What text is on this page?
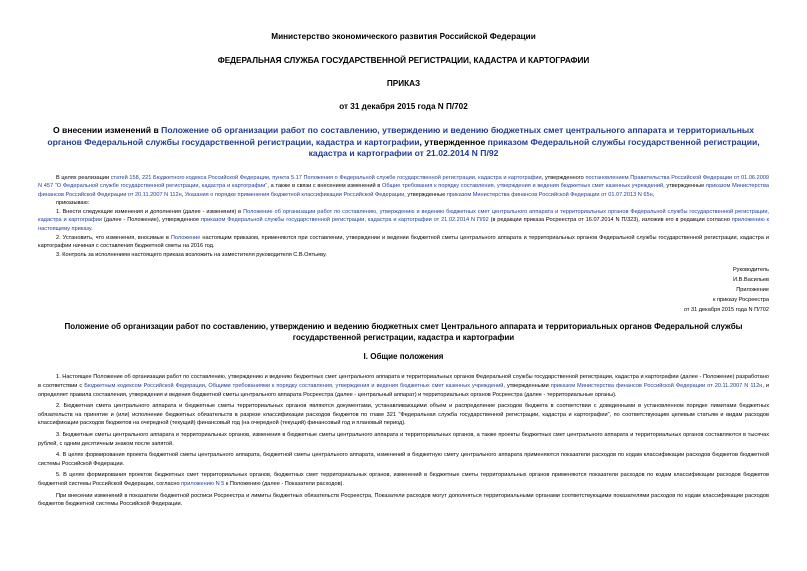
Министерство экономического развития Российской Федерации
ФЕДЕРАЛЬНАЯ СЛУЖБА ГОСУДАРСТВЕННОЙ РЕГИСТРАЦИИ, КАДАСТРА И КАРТОГРАФИИ
ПРИКАЗ
от 31 декабря 2015 года N П/702
О внесении изменений в Положение об организации работ по составлению, утверждению и ведению бюджетных смет центрального аппарата и территориальных органов Федеральной службы государственной регистрации, кадастра и картографии, утвержденное приказом Федеральной службы государственной регистрации, кадастра и картографии от 21.02.2014 N П/92

В целях реализации статей 158, 221 Бюджетного кодекса Российской Федерации, пункта 5.17 Положения о Федеральной службе государственной регистрации, кадастра и картографии, утвержденного постановлением Правительства Российской Федерации от 01.06.2009 N 457 "О Федеральной службе государственной регистрации, кадастра и картографии", а также в связи с внесением изменений в Общие требования к порядку составления, утверждения и ведения бюджетных смет казенных учреждений, утвержденные приказом Министерства финансов Российской Федерации от 20.11.2007 N 112н, Указания о порядке применения бюджетной классификации Российской Федерации, утвержденные приказом Министерства финансов Российской Федерации от 01.07.2013 N 65н,

приказываю:

1. Внести следующие изменения и дополнения (далее - изменения) в Положение об организации работ по составлению, утверждению и ведению бюджетных смет центрального аппарата и территориальных органов Федеральной службы государственной регистрации, кадастра и картографии (далее - Положение), утвержденное приказом Федеральной службы государственной регистрации, кадастра и картографии от 21.02.2014 N П/92 (в редакции приказа Росреестра от 16.07.2014 N П/323), изложив его в редакции согласно приложению к настоящему приказу.

2. Установить, что изменения, вносимые в Положение настоящим приказом, применяются при составлении, утверждении и ведении бюджетной сметы центрального аппарата и территориальных органов Федеральной службы государственной регистрации, кадастра и картографии начиная с составления бюджетной сметы на 2016 год.

3. Контроль за исполнением настоящего приказа возложить на заместителя руководителя С.В.Оятьеву.

Руководитель

И.В.Васильев

Приложение

к приказу Росреестра

от 31 декабря 2015 года N П/702

Положение об организации работ по составлению, утверждению и ведению бюджетных смет Центрального аппарата и территориальных органов Федеральной службы государственной регистрации, кадастра и картографии
I. Общие положения

1. Настоящее Положение об организации работ по составлению, утверждению и ведению бюджетных смет центрального аппарата и территориальных органов Федеральной службы государственной регистрации, кадастра и картографии (далее - Положение) разработано в соответствии с Бюджетным кодексом Российской Федерации, Общими требованиями к порядку составления, утверждения и ведения бюджетных смет казенных учреждений, утвержденными приказом Министерства финансов Российской Федерации от 20.11.2007 N 112н, и определяет правила составления, утверждения и ведения бюджетной сметы центрального аппарата Росреестра (далее - центральный аппарат) и территориальных органов Росреестра (далее - территориальные органы).

2. Бюджетная смета центрального аппарата и бюджетные сметы территориальных органов являются документами, устанавливающими объем и распределение расходов бюджета в соответствии с доведенными в установленном порядке лимитами бюджетных обязательств на принятие и (или) исполнение бюджетных обязательств в разрезе классификации расходов бюджетов по главе 321 "Федеральная служба государственной регистрации, кадастра и картографии", по соответствующим целевым статьям и видам расходов классификации расходов бюджетов на очередной (текущий) финансовый год (на очередной (текущий) финансовый год и плановый период).

3. Бюджетные сметы центрального аппарата и территориальных органов, изменения в бюджетные сметы центрального аппарата и территориальных органов, а также проекты бюджетных смет центрального аппарата и территориальных органов составляются в тысячах рублей, с одним десятичным знаком после запятой.

4. В целях формирования проекта бюджетной сметы центрального аппарата, бюджетной сметы центрального аппарата, изменений в бюджетную смету центрального аппарата применяются показатели расходов по кодам классификации расходов бюджетов бюджетной системы Российской Федерации.

5. В целях формирования проектов бюджетных смет территориальных органов, бюджетных смет территориальных органов, изменений в бюджетные сметы территориальных органов применяются показатели расходов по кодам классификации расходов бюджетов бюджетной системы Российской Федерации, согласно приложению N 5 к Положению (далее - Показатели расходов).

При внесении изменений в показатели бюджетной росписи Росреестра и лимиты бюджетных обязательств Росреестра, Показатели расходов могут дополняться территориальными органами соответствующими показателями расходов по кодам классификации расходов бюджетов бюджетной системы Российской Федерации.
